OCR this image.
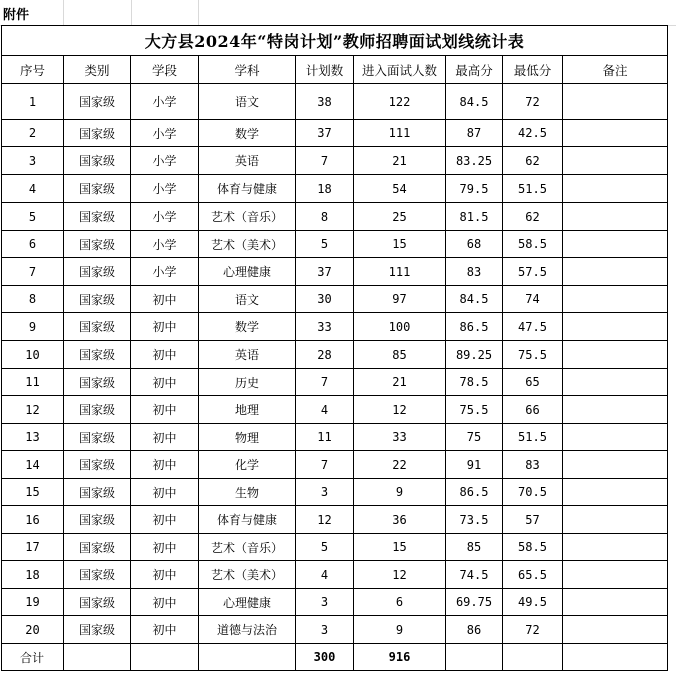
附件
大方县2024年“特岗计划”教师招聘面试划线统计表								
序号	类别	学段	学科	计划数	进入面试人数	最高分	最低分	备注
1	国家级	小学	语文	38	122	84.5	72	
2	国家级	小学	数学	37	111	87	42.5	
3	国家级	小学	英语	7	21	83.25	62	
4	国家级	小学	体育与健康	18	54	79.5	51.5	
5	国家级	小学	艺术（音乐）	8	25	81.5	62	
6	国家级	小学	艺术（美术）	5	15	68	58.5	
7	国家级	小学	心理健康	37	111	83	57.5	
8	国家级	初中	语文	30	97	84.5	74	
9	国家级	初中	数学	33	100	86.5	47.5	
10	国家级	初中	英语	28	85	89.25	75.5	
11	国家级	初中	历史	7	21	78.5	65	
12	国家级	初中	地理	4	12	75.5	66	
13	国家级	初中	物理	11	33	75	51.5	
14	国家级	初中	化学	7	22	91	83	
15	国家级	初中	生物	3	9	86.5	70.5	
16	国家级	初中	体育与健康	12	36	73.5	57	
17	国家级	初中	艺术（音乐）	5	15	85	58.5	
18	国家级	初中	艺术（美术）	4	12	74.5	65.5	
19	国家级	初中	心理健康	3	6	69.75	49.5	
20	国家级	初中	道德与法治	3	9	86	72	
合计				300	916			
